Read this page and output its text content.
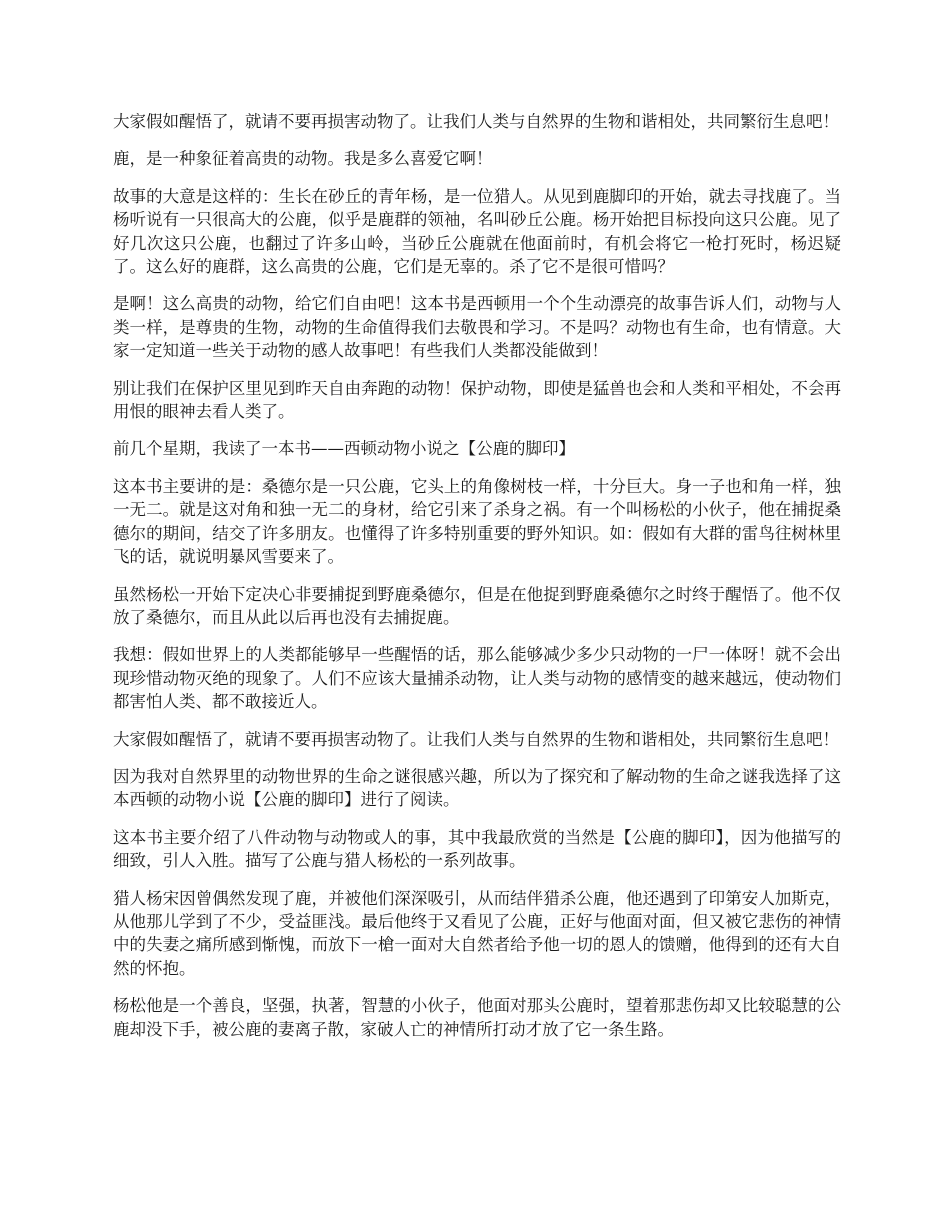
大家假如醒悟了，就请不要再损害动物了。让我们人类与自然界的生物和谐相处，共同繁衍生息吧！

鹿，是一种象征着高贵的动物。我是多么喜爱它啊！

故事的大意是这样的：生长在砂丘的青年杨，是一位猎人。从见到鹿脚印的开始，就去寻找鹿了。当杨听说有一只很高大的公鹿，似乎是鹿群的领袖，名叫砂丘公鹿。杨开始把目标投向这只公鹿。见了好几次这只公鹿，也翻过了许多山岭，当砂丘公鹿就在他面前时，有机会将它一枪打死时，杨迟疑了。这么好的鹿群，这么高贵的公鹿，它们是无辜的。杀了它不是很可惜吗？

是啊！这么高贵的动物，给它们自由吧！这本书是西顿用一个个生动漂亮的故事告诉人们，动物与人类一样，是尊贵的生物，动物的生命值得我们去敬畏和学习。不是吗？动物也有生命，也有情意。大家一定知道一些关于动物的感人故事吧！有些我们人类都没能做到！

别让我们在保护区里见到昨天自由奔跑的动物！保护动物，即使是猛兽也会和人类和平相处，不会再用恨的眼神去看人类了。

前几个星期，我读了一本书——西顿动物小说之【公鹿的脚印】

这本书主要讲的是：桑德尔是一只公鹿，它头上的角像树枝一样，十分巨大。身一子也和角一样，独一无二。就是这对角和独一无二的身材，给它引来了杀身之祸。有一个叫杨松的小伙子，他在捕捉桑德尔的期间，结交了许多朋友。也懂得了许多特别重要的野外知识。如：假如有大群的雷鸟往树林里飞的话，就说明暴风雪要来了。

虽然杨松一开始下定决心非要捕捉到野鹿桑德尔，但是在他捉到野鹿桑德尔之时终于醒悟了。他不仅放了桑德尔，而且从此以后再也没有去捕捉鹿。

我想：假如世界上的人类都能够早一些醒悟的话，那么能够减少多少只动物的一尸一体呀！就不会出现珍惜动物灭绝的现象了。人们不应该大量捕杀动物，让人类与动物的感情变的越来越远，使动物们都害怕人类、都不敢接近人。

大家假如醒悟了，就请不要再损害动物了。让我们人类与自然界的生物和谐相处，共同繁衍生息吧！

因为我对自然界里的动物世界的生命之谜很感兴趣，所以为了探究和了解动物的生命之谜我选择了这本西顿的动物小说【公鹿的脚印】进行了阅读。

这本书主要介绍了八件动物与动物或人的事，其中我最欣赏的当然是【公鹿的脚印】，因为他描写的细致，引人入胜。描写了公鹿与猎人杨松的一系列故事。

猎人杨宋因曾偶然发现了鹿，并被他们深深吸引，从而结伴猎杀公鹿，他还遇到了印第安人加斯克，从他那儿学到了不少，受益匪浅。最后他终于又看见了公鹿，正好与他面对面，但又被它悲伤的神情中的失妻之痛所感到惭愧，而放下一槍一面对大自然者给予他一切的恩人的馈赠，他得到的还有大自然的怀抱。

杨松他是一个善良，坚强，执著，智慧的小伙子，他面对那头公鹿时，望着那悲伤却又比较聪慧的公鹿却没下手，被公鹿的妻离子散，家破人亡的神情所打动才放了它一条生路。
